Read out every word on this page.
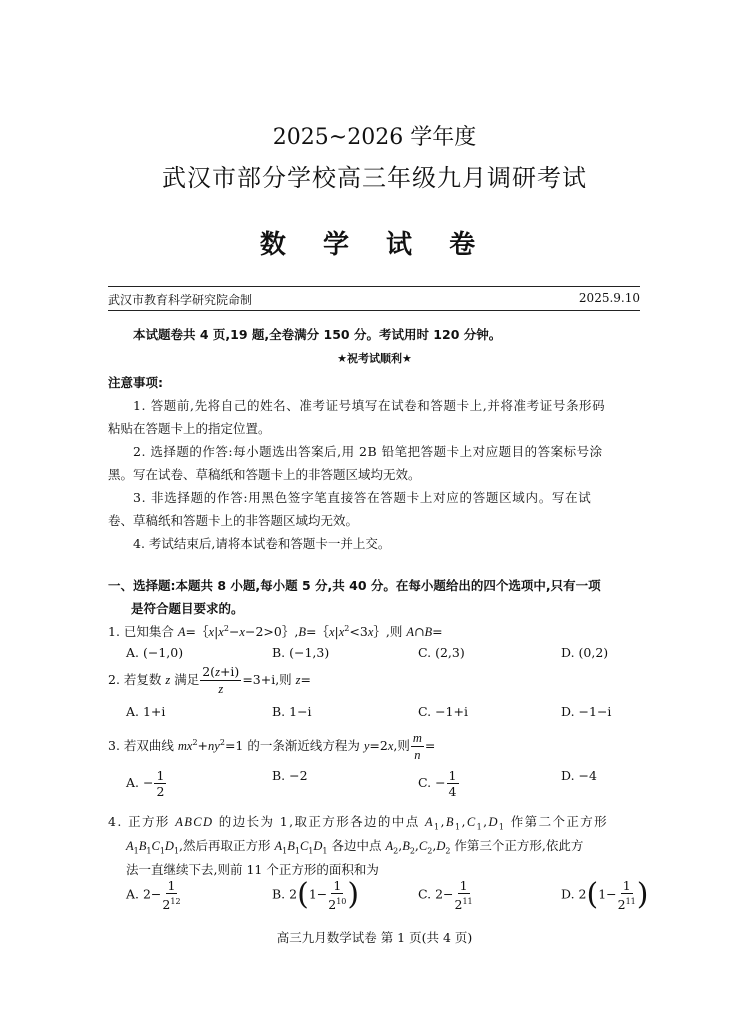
2025~2026 学年度
武汉市部分学校高三年级九月调研考试
数 学 试 卷
武汉市教育科学研究院命制	2025.9.10
本试题卷共 4 页,19 题,全卷满分 150 分。考试用时 120 分钟。
★祝考试顺利★
注意事项:
1. 答题前,先将自己的姓名、准考证号填写在试卷和答题卡上,并将准考证号条形码
粘贴在答题卡上的指定位置。
2. 选择题的作答:每小题选出答案后,用 2B 铅笔把答题卡上对应题目的答案标号涂
黑。写在试卷、草稿纸和答题卡上的非答题区域均无效。
3. 非选择题的作答:用黑色签字笔直接答在答题卡上对应的答题区域内。写在试
卷、草稿纸和答题卡上的非答题区域均无效。
4. 考试结束后,请将本试卷和答题卡一并上交。
一、选择题:本题共 8 小题,每小题 5 分,共 40 分。在每小题给出的四个选项中,只有一项
是符合题目要求的。
1. 已知集合 $A=\{x|x^2-x-2>0\},B=\{x|x^2<3x\}$,则 A∩B=
A. (−1,0)	B. (−1,3)	C. (2,3)	D. (0,2)
2. 若复数 z 满足 $\frac{2(z+i)}{z} =3+i$,则 z=
A. 1+i	B. 1−i	C. −1+i	D. −1−i
3. 若双曲线 $mx^2+ny^2=1$ 的一条渐近线方程为 y=2x,则 $\frac{m}{n}$ =
A. − $\frac{1}{2}$	B. −2	C. − $\frac{1}{4}$	D. −4
4. 正方形 ABCD 的边长为 1,取正方形各边的中点 $A_1,B_1,C_1,D_1$ 作第二个正方形
$A_1B_1C_1D_1$,然后再取正方形 $A_1B_1C_1D_1$ 各边中点 $A_2,B_2,C_2,D_2$ 作第三个正方形,依此方
法一直继续下去,则前 11 个正方形的面积和为
A. $2- \frac{1}{2^{12}}$	B. $2(1- \frac{1}{2^{10}}$ )	C. $2- \frac{1}{2^{11}}$	D. $2(1- \frac{1}{2^{11}}$ )
高三九月数学试卷 第 1 页(共 4 页)
